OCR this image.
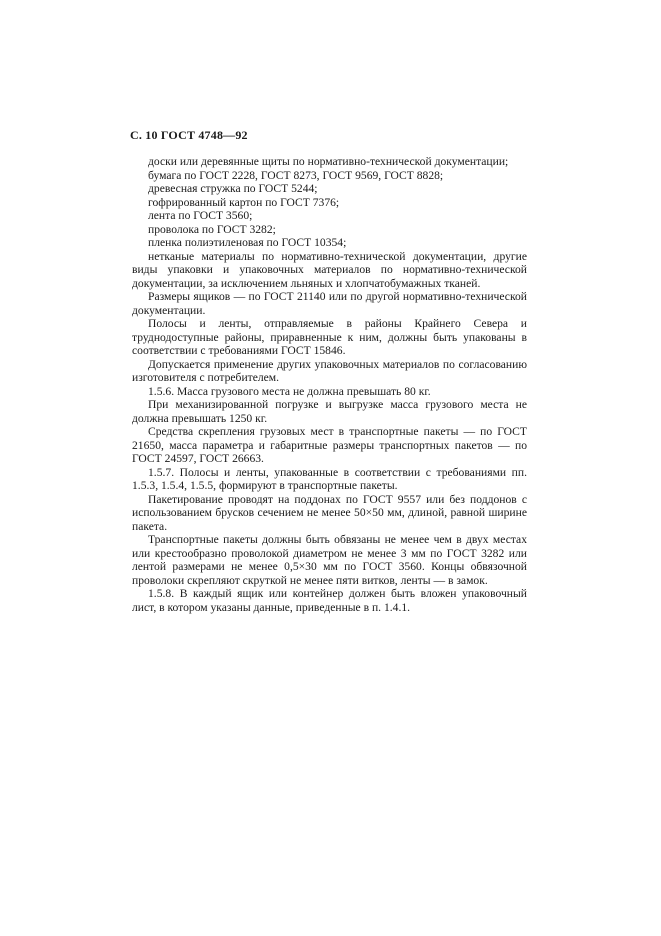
С. 10 ГОСТ 4748—92

доски или деревянные щиты по нормативно-технической документации;

бумага по ГОСТ 2228, ГОСТ 8273, ГОСТ 9569, ГОСТ 8828;

древесная стружка по ГОСТ 5244;

гофрированный картон по ГОСТ 7376;

лента по ГОСТ 3560;

проволока по ГОСТ 3282;

пленка полиэтиленовая по ГОСТ 10354;

нетканые материалы по нормативно-технической документации, другие виды упаковки и упаковочных материалов по нормативно-технической документации, за исключением льняных и хлопчатобумажных тканей.

Размеры ящиков — по ГОСТ 21140 или по другой нормативно-технической документации.

Полосы и ленты, отправляемые в районы Крайнего Севера и труднодоступные районы, приравненные к ним, должны быть упакованы в соответствии с требованиями ГОСТ 15846.

Допускается применение других упаковочных материалов по согласованию изготовителя с потребителем.

1.5.6. Масса грузового места не должна превышать 80 кг.

При механизированной погрузке и выгрузке масса грузового места не должна превышать 1250 кг.

Средства скрепления грузовых мест в транспортные пакеты — по ГОСТ 21650, масса параметра и габаритные размеры транспортных пакетов — по ГОСТ 24597, ГОСТ 26663.

1.5.7. Полосы и ленты, упакованные в соответствии с требованиями пп. 1.5.3, 1.5.4, 1.5.5, формируют в транспортные пакеты.

Пакетирование проводят на поддонах по ГОСТ 9557 или без поддонов с использованием брусков сечением не менее 50×50 мм, длиной, равной ширине пакета.

Транспортные пакеты должны быть обвязаны не менее чем в двух местах или крестообразно проволокой диаметром не менее 3 мм по ГОСТ 3282 или лентой размерами не менее 0,5×30 мм по ГОСТ 3560. Концы обвязочной проволоки скрепляют скруткой не менее пяти витков, ленты — в замок.

1.5.8. В каждый ящик или контейнер должен быть вложен упаковочный лист, в котором указаны данные, приведенные в п. 1.4.1.
